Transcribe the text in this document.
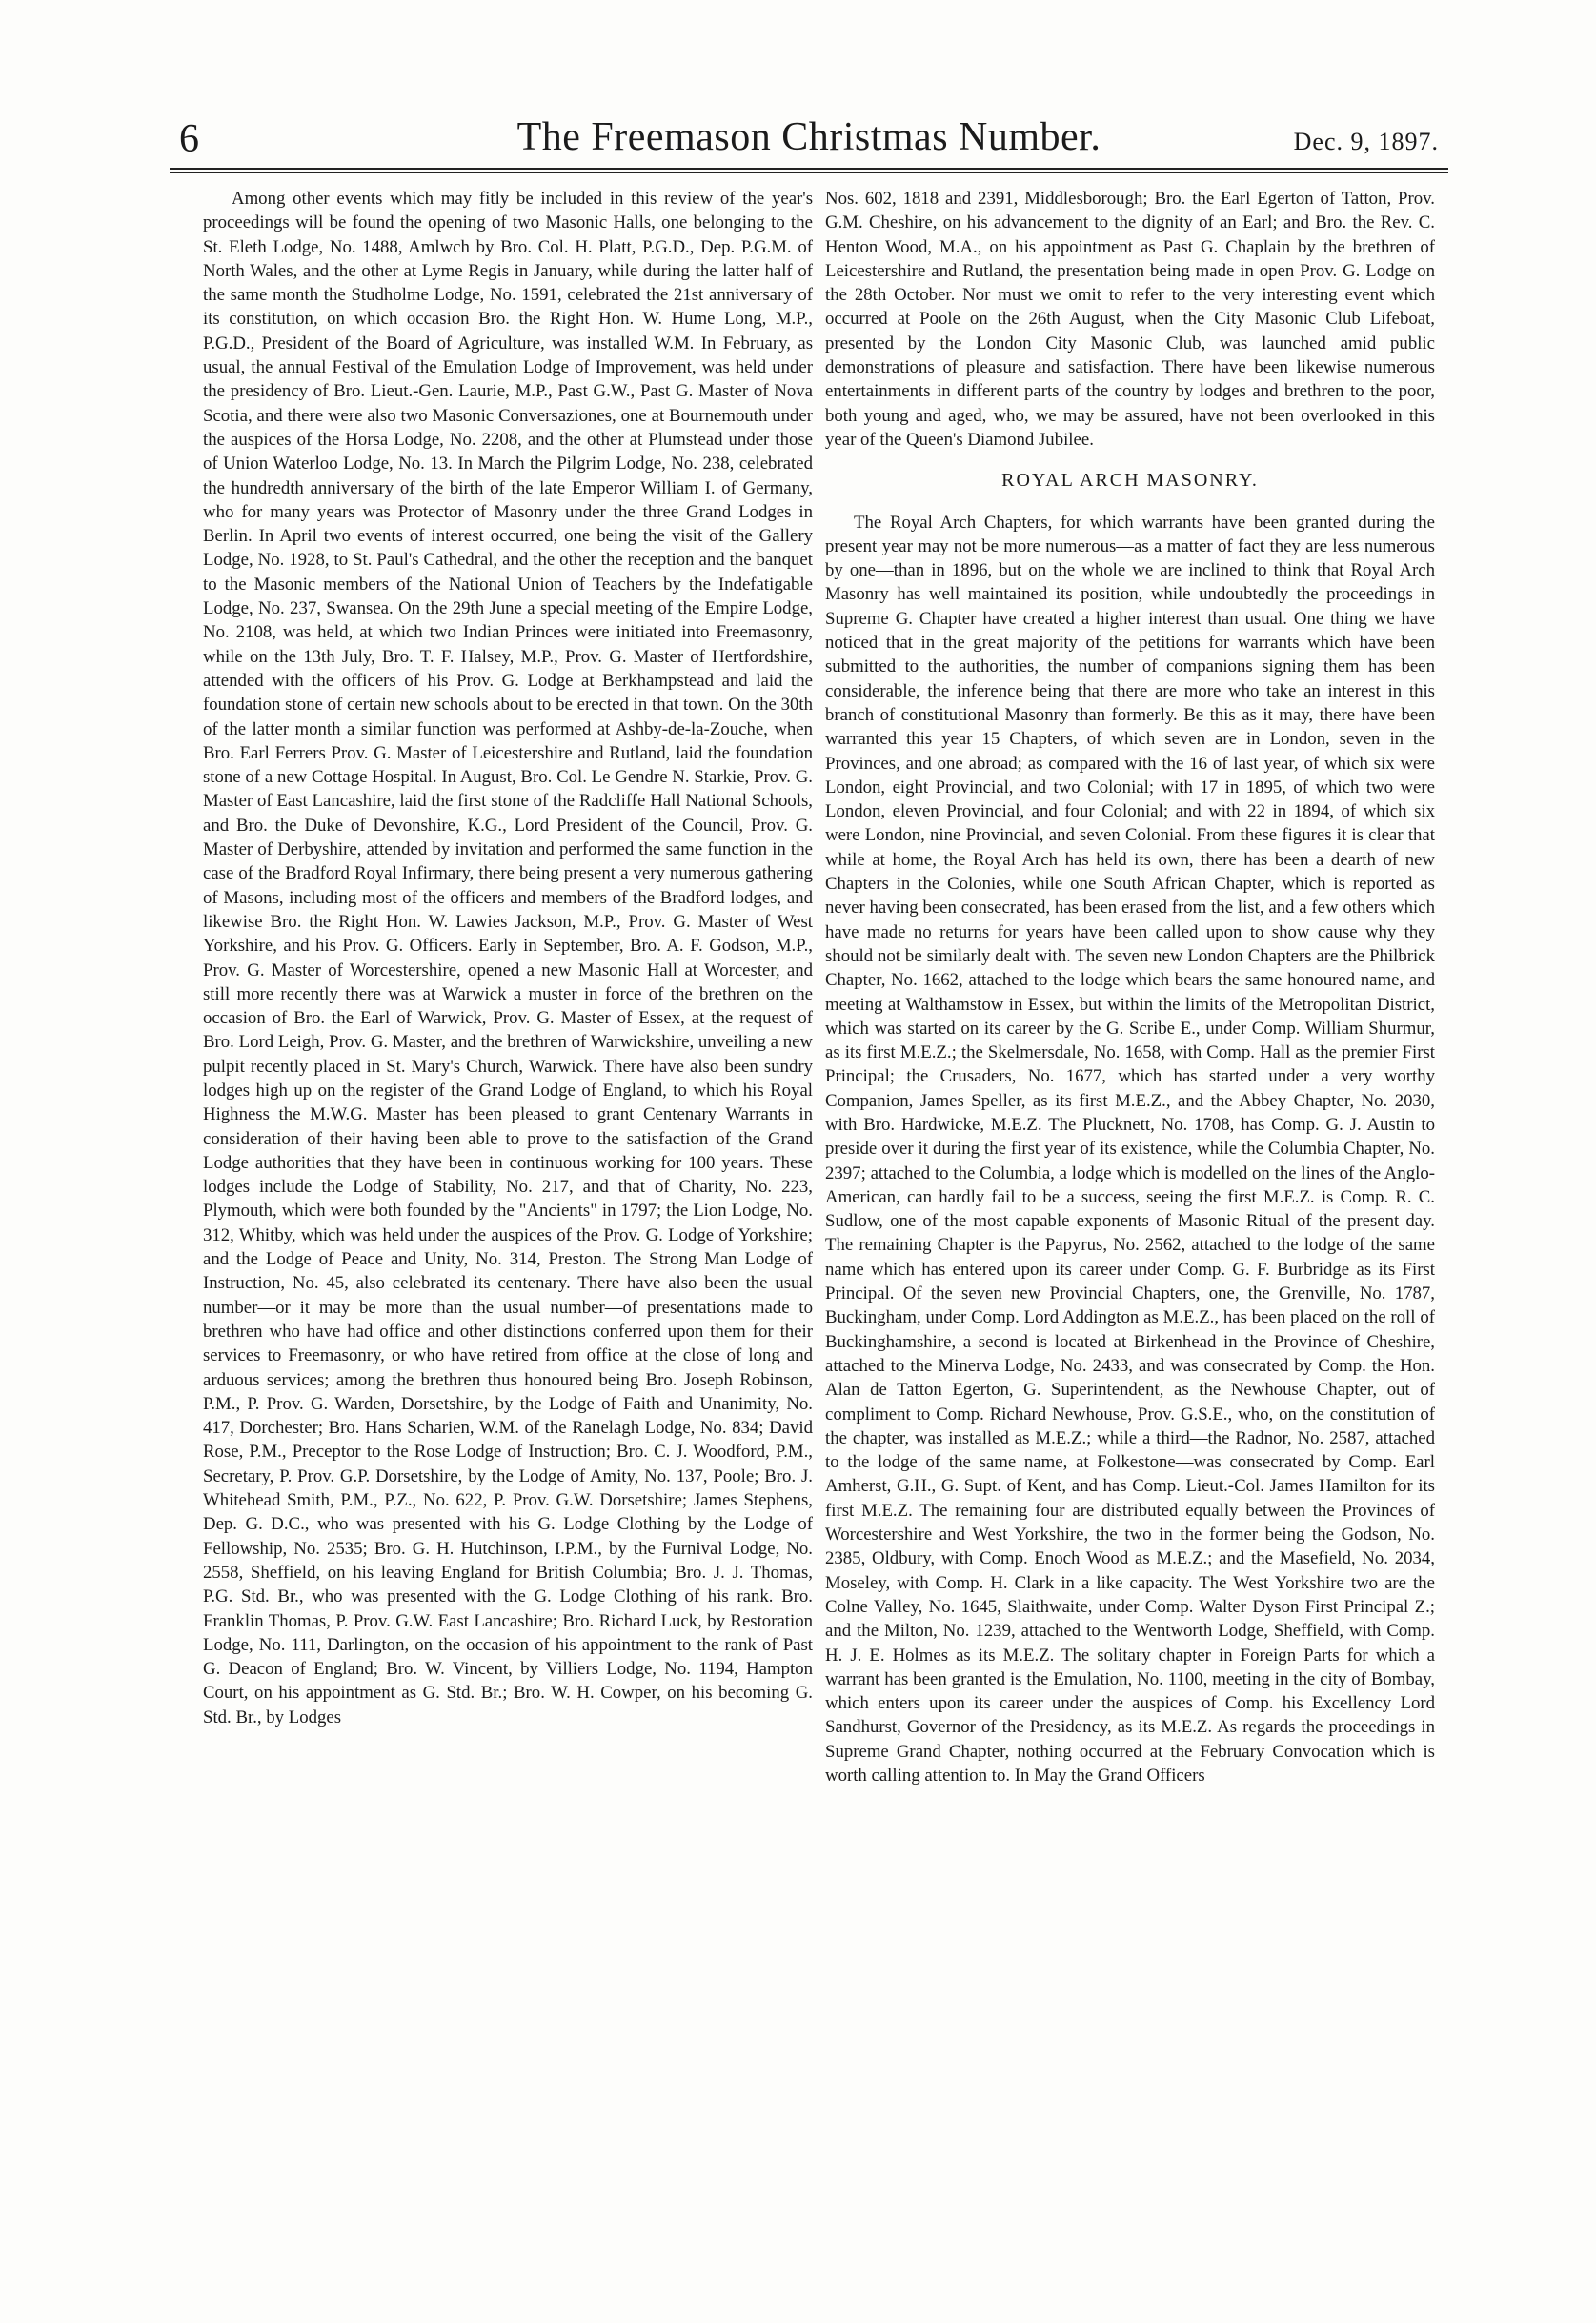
6	The Freemason Christmas Number.	Dec. 9, 1897.

Among other events which may fitly be included in this review of the year's proceedings will be found the opening of two Masonic Halls, one belonging to the St. Eleth Lodge, No. 1488, Amlwch by Bro. Col. H. Platt, P.G.D., Dep. P.G.M. of North Wales, and the other at Lyme Regis in January, while during the latter half of the same month the Studholme Lodge, No. 1591, celebrated the 21st anniversary of its constitution, on which occasion Bro. the Right Hon. W. Hume Long, M.P., P.G.D., President of the Board of Agriculture, was installed W.M. In February, as usual, the annual Festival of the Emulation Lodge of Improvement, was held under the presidency of Bro. Lieut.-Gen. Laurie, M.P., Past G.W., Past G. Master of Nova Scotia, and there were also two Masonic Conversaziones, one at Bournemouth under the auspices of the Horsa Lodge, No. 2208, and the other at Plumstead under those of Union Waterloo Lodge, No. 13. In March the Pilgrim Lodge, No. 238, celebrated the hundredth anniversary of the birth of the late Emperor William I. of Germany, who for many years was Protector of Masonry under the three Grand Lodges in Berlin. In April two events of interest occurred, one being the visit of the Gallery Lodge, No. 1928, to St. Paul's Cathedral, and the other the reception and the banquet to the Masonic members of the National Union of Teachers by the Indefatigable Lodge, No. 237, Swansea. On the 29th June a special meeting of the Empire Lodge, No. 2108, was held, at which two Indian Princes were initiated into Freemasonry, while on the 13th July, Bro. T. F. Halsey, M.P., Prov. G. Master of Hertfordshire, attended with the officers of his Prov. G. Lodge at Berkhampstead and laid the foundation stone of certain new schools about to be erected in that town. On the 30th of the latter month a similar function was performed at Ashby-de-la-Zouche, when Bro. Earl Ferrers Prov. G. Master of Leicestershire and Rutland, laid the foundation stone of a new Cottage Hospital. In August, Bro. Col. Le Gendre N. Starkie, Prov. G. Master of East Lancashire, laid the first stone of the Radcliffe Hall National Schools, and Bro. the Duke of Devonshire, K.G., Lord President of the Council, Prov. G. Master of Derbyshire, attended by invitation and performed the same function in the case of the Bradford Royal Infirmary, there being present a very numerous gathering of Masons, including most of the officers and members of the Bradford lodges, and likewise Bro. the Right Hon. W. Lawies Jackson, M.P., Prov. G. Master of West Yorkshire, and his Prov. G. Officers. Early in September, Bro. A. F. Godson, M.P., Prov. G. Master of Worcestershire, opened a new Masonic Hall at Worcester, and still more recently there was at Warwick a muster in force of the brethren on the occasion of Bro. the Earl of Warwick, Prov. G. Master of Essex, at the request of Bro. Lord Leigh, Prov. G. Master, and the brethren of Warwickshire, unveiling a new pulpit recently placed in St. Mary's Church, Warwick. There have also been sundry lodges high up on the register of the Grand Lodge of England, to which his Royal Highness the M.W.G. Master has been pleased to grant Centenary Warrants in consideration of their having been able to prove to the satisfaction of the Grand Lodge authorities that they have been in continuous working for 100 years. These lodges include the Lodge of Stability, No. 217, and that of Charity, No. 223, Plymouth, which were both founded by the "Ancients" in 1797; the Lion Lodge, No. 312, Whitby, which was held under the auspices of the Prov. G. Lodge of Yorkshire; and the Lodge of Peace and Unity, No. 314, Preston. The Strong Man Lodge of Instruction, No. 45, also celebrated its centenary. There have also been the usual number—or it may be more than the usual number—of presentations made to brethren who have had office and other distinctions conferred upon them for their services to Freemasonry, or who have retired from office at the close of long and arduous services; among the brethren thus honoured being Bro. Joseph Robinson, P.M., P. Prov. G. Warden, Dorsetshire, by the Lodge of Faith and Unanimity, No. 417, Dorchester; Bro. Hans Scharien, W.M. of the Ranelagh Lodge, No. 834; David Rose, P.M., Preceptor to the Rose Lodge of Instruction; Bro. C. J. Woodford, P.M., Secretary, P. Prov. G.P. Dorsetshire, by the Lodge of Amity, No. 137, Poole; Bro. J. Whitehead Smith, P.M., P.Z., No. 622, P. Prov. G.W. Dorsetshire; James Stephens, Dep. G. D.C., who was presented with his G. Lodge Clothing by the Lodge of Fellowship, No. 2535; Bro. G. H. Hutchinson, I.P.M., by the Furnival Lodge, No. 2558, Sheffield, on his leaving England for British Columbia; Bro. J. J. Thomas, P.G. Std. Br., who was presented with the G. Lodge Clothing of his rank. Bro. Franklin Thomas, P. Prov. G.W. East Lancashire; Bro. Richard Luck, by Restoration Lodge, No. 111, Darlington, on the occasion of his appointment to the rank of Past G. Deacon of England; Bro. W. Vincent, by Villiers Lodge, No. 1194, Hampton Court, on his appointment as G. Std. Br.; Bro. W. H. Cowper, on his becoming G. Std. Br., by Lodges

Nos. 602, 1818 and 2391, Middlesborough; Bro. the Earl Egerton of Tatton, Prov. G.M. Cheshire, on his advancement to the dignity of an Earl; and Bro. the Rev. C. Henton Wood, M.A., on his appointment as Past G. Chaplain by the brethren of Leicestershire and Rutland, the presentation being made in open Prov. G. Lodge on the 28th October. Nor must we omit to refer to the very interesting event which occurred at Poole on the 26th August, when the City Masonic Club Lifeboat, presented by the London City Masonic Club, was launched amid public demonstrations of pleasure and satisfaction. There have been likewise numerous entertainments in different parts of the country by lodges and brethren to the poor, both young and aged, who, we may be assured, have not been overlooked in this year of the Queen's Diamond Jubilee.

ROYAL ARCH MASONRY.

The Royal Arch Chapters, for which warrants have been granted during the present year may not be more numerous—as a matter of fact they are less numerous by one—than in 1896, but on the whole we are inclined to think that Royal Arch Masonry has well maintained its position, while undoubtedly the proceedings in Supreme G. Chapter have created a higher interest than usual. One thing we have noticed that in the great majority of the petitions for warrants which have been submitted to the authorities, the number of companions signing them has been considerable, the inference being that there are more who take an interest in this branch of constitutional Masonry than formerly. Be this as it may, there have been warranted this year 15 Chapters, of which seven are in London, seven in the Provinces, and one abroad; as compared with the 16 of last year, of which six were London, eight Provincial, and two Colonial; with 17 in 1895, of which two were London, eleven Provincial, and four Colonial; and with 22 in 1894, of which six were London, nine Provincial, and seven Colonial. From these figures it is clear that while at home, the Royal Arch has held its own, there has been a dearth of new Chapters in the Colonies, while one South African Chapter, which is reported as never having been consecrated, has been erased from the list, and a few others which have made no returns for years have been called upon to show cause why they should not be similarly dealt with. The seven new London Chapters are the Philbrick Chapter, No. 1662, attached to the lodge which bears the same honoured name, and meeting at Walthamstow in Essex, but within the limits of the Metropolitan District, which was started on its career by the G. Scribe E., under Comp. William Shurmur, as its first M.E.Z.; the Skelmersdale, No. 1658, with Comp. Hall as the premier First Principal; the Crusaders, No. 1677, which has started under a very worthy Companion, James Speller, as its first M.E.Z., and the Abbey Chapter, No. 2030, with Bro. Hardwicke, M.E.Z. The Plucknett, No. 1708, has Comp. G. J. Austin to preside over it during the first year of its existence, while the Columbia Chapter, No. 2397; attached to the Columbia, a lodge which is modelled on the lines of the Anglo-American, can hardly fail to be a success, seeing the first M.E.Z. is Comp. R. C. Sudlow, one of the most capable exponents of Masonic Ritual of the present day. The remaining Chapter is the Papyrus, No. 2562, attached to the lodge of the same name which has entered upon its career under Comp. G. F. Burbridge as its First Principal. Of the seven new Provincial Chapters, one, the Grenville, No. 1787, Buckingham, under Comp. Lord Addington as M.E.Z., has been placed on the roll of Buckinghamshire, a second is located at Birkenhead in the Province of Cheshire, attached to the Minerva Lodge, No. 2433, and was consecrated by Comp. the Hon. Alan de Tatton Egerton, G. Superintendent, as the Newhouse Chapter, out of compliment to Comp. Richard Newhouse, Prov. G.S.E., who, on the constitution of the chapter, was installed as M.E.Z.; while a third—the Radnor, No. 2587, attached to the lodge of the same name, at Folkestone—was consecrated by Comp. Earl Amherst, G.H., G. Supt. of Kent, and has Comp. Lieut.-Col. James Hamilton for its first M.E.Z. The remaining four are distributed equally between the Provinces of Worcestershire and West Yorkshire, the two in the former being the Godson, No. 2385, Oldbury, with Comp. Enoch Wood as M.E.Z.; and the Masefield, No. 2034, Moseley, with Comp. H. Clark in a like capacity. The West Yorkshire two are the Colne Valley, No. 1645, Slaithwaite, under Comp. Walter Dyson First Principal Z.; and the Milton, No. 1239, attached to the Wentworth Lodge, Sheffield, with Comp. H. J. E. Holmes as its M.E.Z. The solitary chapter in Foreign Parts for which a warrant has been granted is the Emulation, No. 1100, meeting in the city of Bombay, which enters upon its career under the auspices of Comp. his Excellency Lord Sandhurst, Governor of the Presidency, as its M.E.Z. As regards the proceedings in Supreme Grand Chapter, nothing occurred at the February Convocation which is worth calling attention to. In May the Grand Officers
